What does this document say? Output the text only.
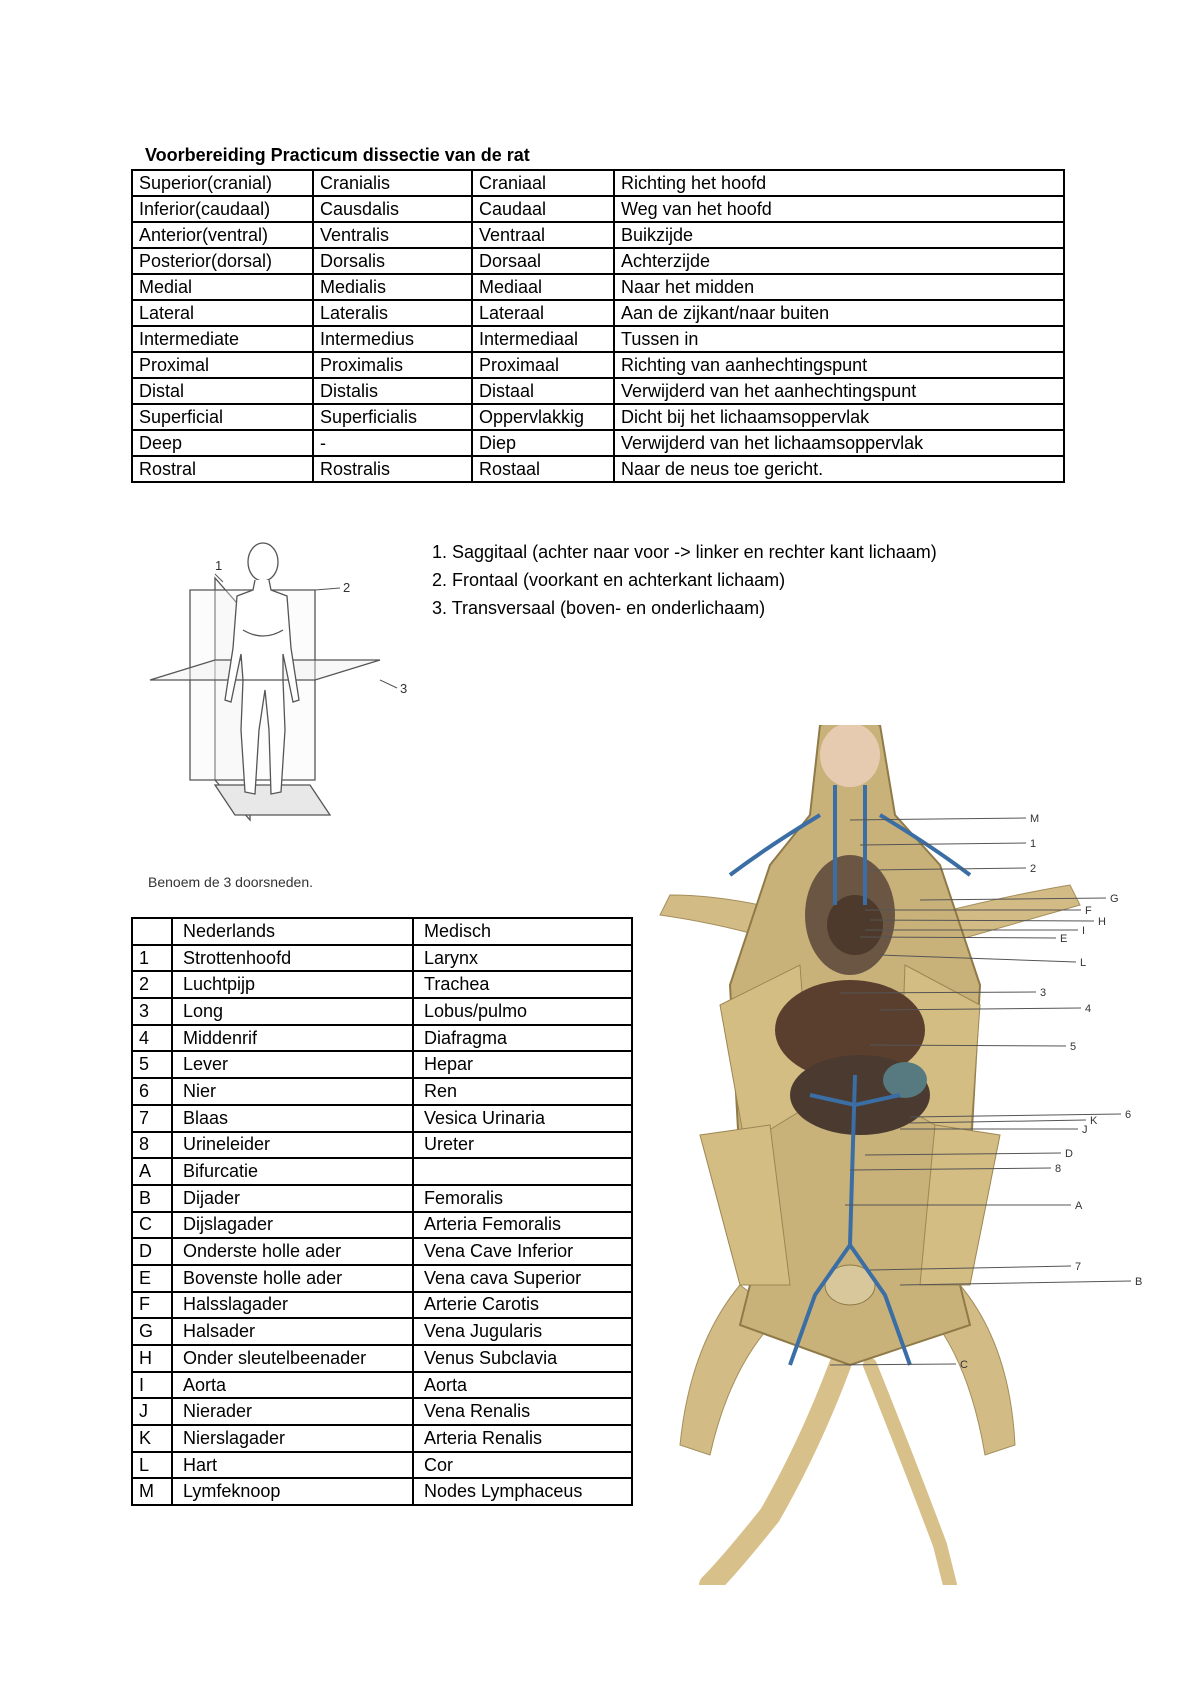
Voorbereiding Practicum dissectie van de rat
Superior(cranial)	Cranialis	Craniaal	Richting het hoofd
Inferior(caudaal)	Causdalis	Caudaal	Weg van het hoofd
Anterior(ventral)	Ventralis	Ventraal	Buikzijde
Posterior(dorsal)	Dorsalis	Dorsaal	Achterzijde
Medial	Medialis	Mediaal	Naar het midden
Lateral	Lateralis	Lateraal	Aan de zijkant/naar buiten
Intermediate	Intermedius	Intermediaal	Tussen in
Proximal	Proximalis	Proximaal	Richting van aanhechtingspunt
Distal	Distalis	Distaal	Verwijderd van het aanhechtingspunt
Superficial	Superficialis	Oppervlakkig	Dicht bij het lichaamsoppervlak
Deep	-	Diep	Verwijderd van het lichaamsoppervlak
Rostral	Rostralis	Rostaal	Naar de neus toe gericht.
1
2
3
1. Saggitaal (achter naar voor -> linker en rechter kant lichaam)
2. Frontaal (voorkant en achterkant lichaam)
3. Transversaal (boven- en onderlichaam)
Benoem de 3 doorsneden.
	Nederlands	Medisch
1	Strottenhoofd	Larynx
2	Luchtpijp	Trachea
3	Long	Lobus/pulmo
4	Middenrif	Diafragma
5	Lever	Hepar
6	Nier	Ren
7	Blaas	Vesica Urinaria
8	Urineleider	Ureter
A	Bifurcatie	
B	Dijader	Femoralis
C	Dijslagader	Arteria Femoralis
D	Onderste holle ader	Vena Cave Inferior
E	Bovenste holle ader	Vena cava Superior
F	Halsslagader	Arterie Carotis
G	Halsader	Vena Jugularis
H	Onder sleutelbeenader	Venus Subclavia
I	Aorta	Aorta
J	Nierader	Vena Renalis
K	Nierslagader	Arteria Renalis
L	Hart	Cor
M	Lymfeknoop	Nodes Lymphaceus
M
1
2
G
F
H
I
E
L
3
4
5
6
K
J
D
8
A
7
B
C
